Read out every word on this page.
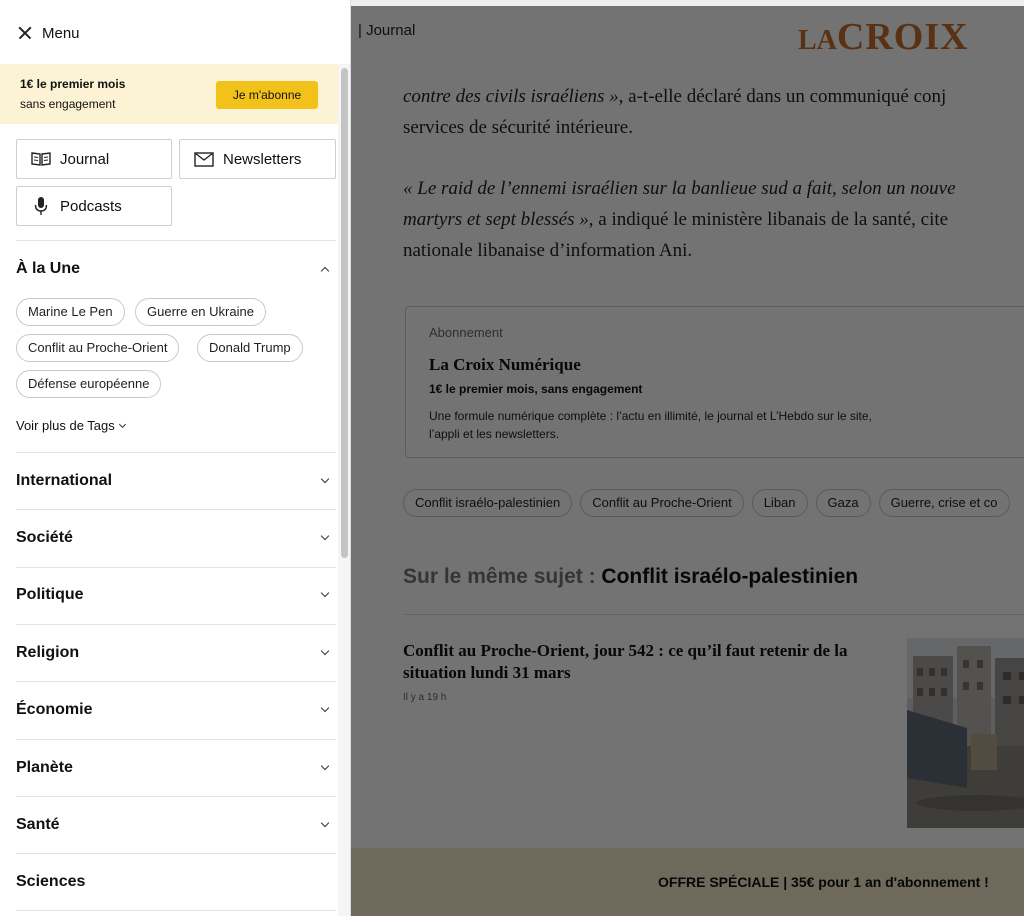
Menu
1€ le premier mois
sans engagement
Je m'abonne
Journal	Newsletters
Podcasts
À la Une
Marine Le Pen	Guerre en Ukraine
Conflit au Proche-Orient	Donald Trump
Défense européenne
Voir plus de Tags
International
Société
Politique
Religion
Économie
Planète
Santé
Sciences
